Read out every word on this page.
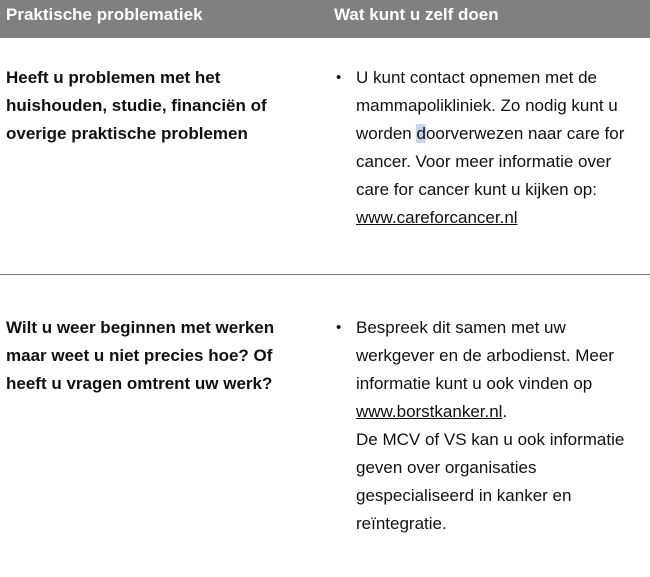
Praktische problematiek	Wat kunt u zelf doen
Heeft u problemen met het huishouden, studie, financiën of overige praktische problemen
• U kunt contact opnemen met de mammapolikliniek. Zo nodig kunt u worden doorverwezen naar care for cancer. Voor meer informatie over care for cancer kunt u kijken op:
www.careforcancer.nl
Wilt u weer beginnen met werken maar weet u niet precies hoe? Of heeft u vragen omtrent uw werk?
• Bespreek dit samen met uw werkgever en de arbodienst. Meer informatie kunt u ook vinden op www.borstkanker.nl.
De MCV of VS kan u ook informatie geven over organisaties gespecialiseerd in kanker en reïntegratie.
